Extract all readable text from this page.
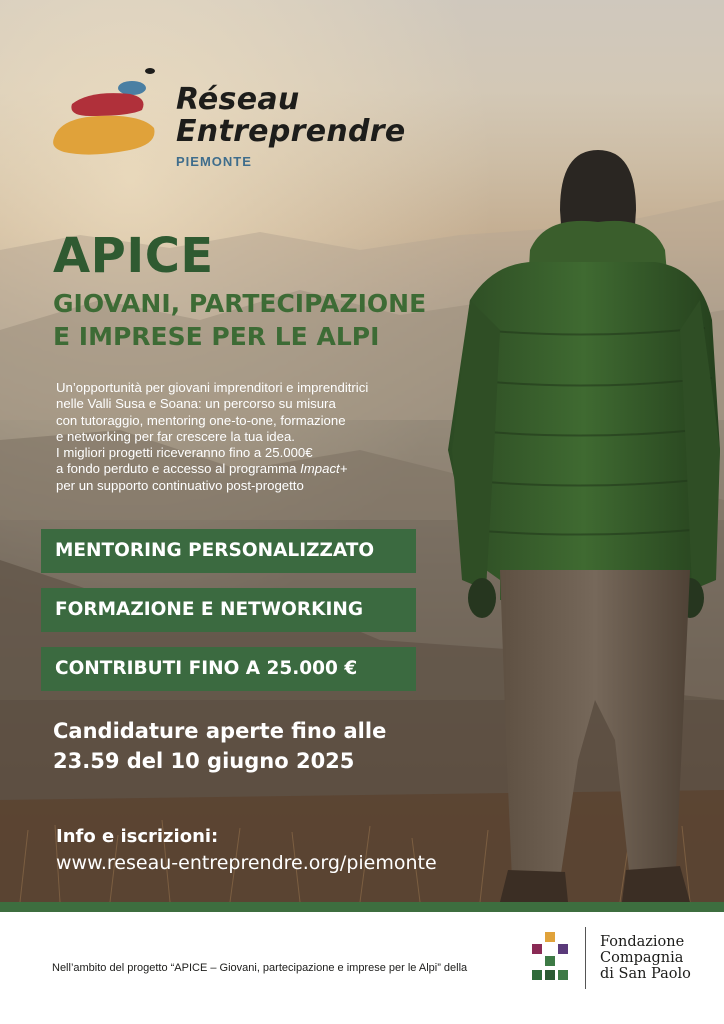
Réseau
Entreprendre
PIEMONTE
APICE
GIOVANI, PARTECIPAZIONE
E IMPRESE PER LE ALPI
Un’opportunità per giovani imprenditori e imprenditrici
nelle Valli Susa e Soana: un percorso su misura
con tutoraggio, mentoring one-to-one, formazione
e networking per far crescere la tua idea.
I migliori progetti riceveranno fino a 25.000€
a fondo perduto e accesso al programma Impact+
per un supporto continuativo post-progetto
MENTORING PERSONALIZZATO
FORMAZIONE E NETWORKING
CONTRIBUTI FINO A 25.000 €
Candidature aperte fino alle
23.59 del 10 giugno 2025
Info e iscrizioni:
www.reseau-entreprendre.org/piemonte
Nell’ambito del progetto “APICE – Giovani, partecipazione e imprese per le Alpi” della
Fondazione
Compagnia
di San Paolo
